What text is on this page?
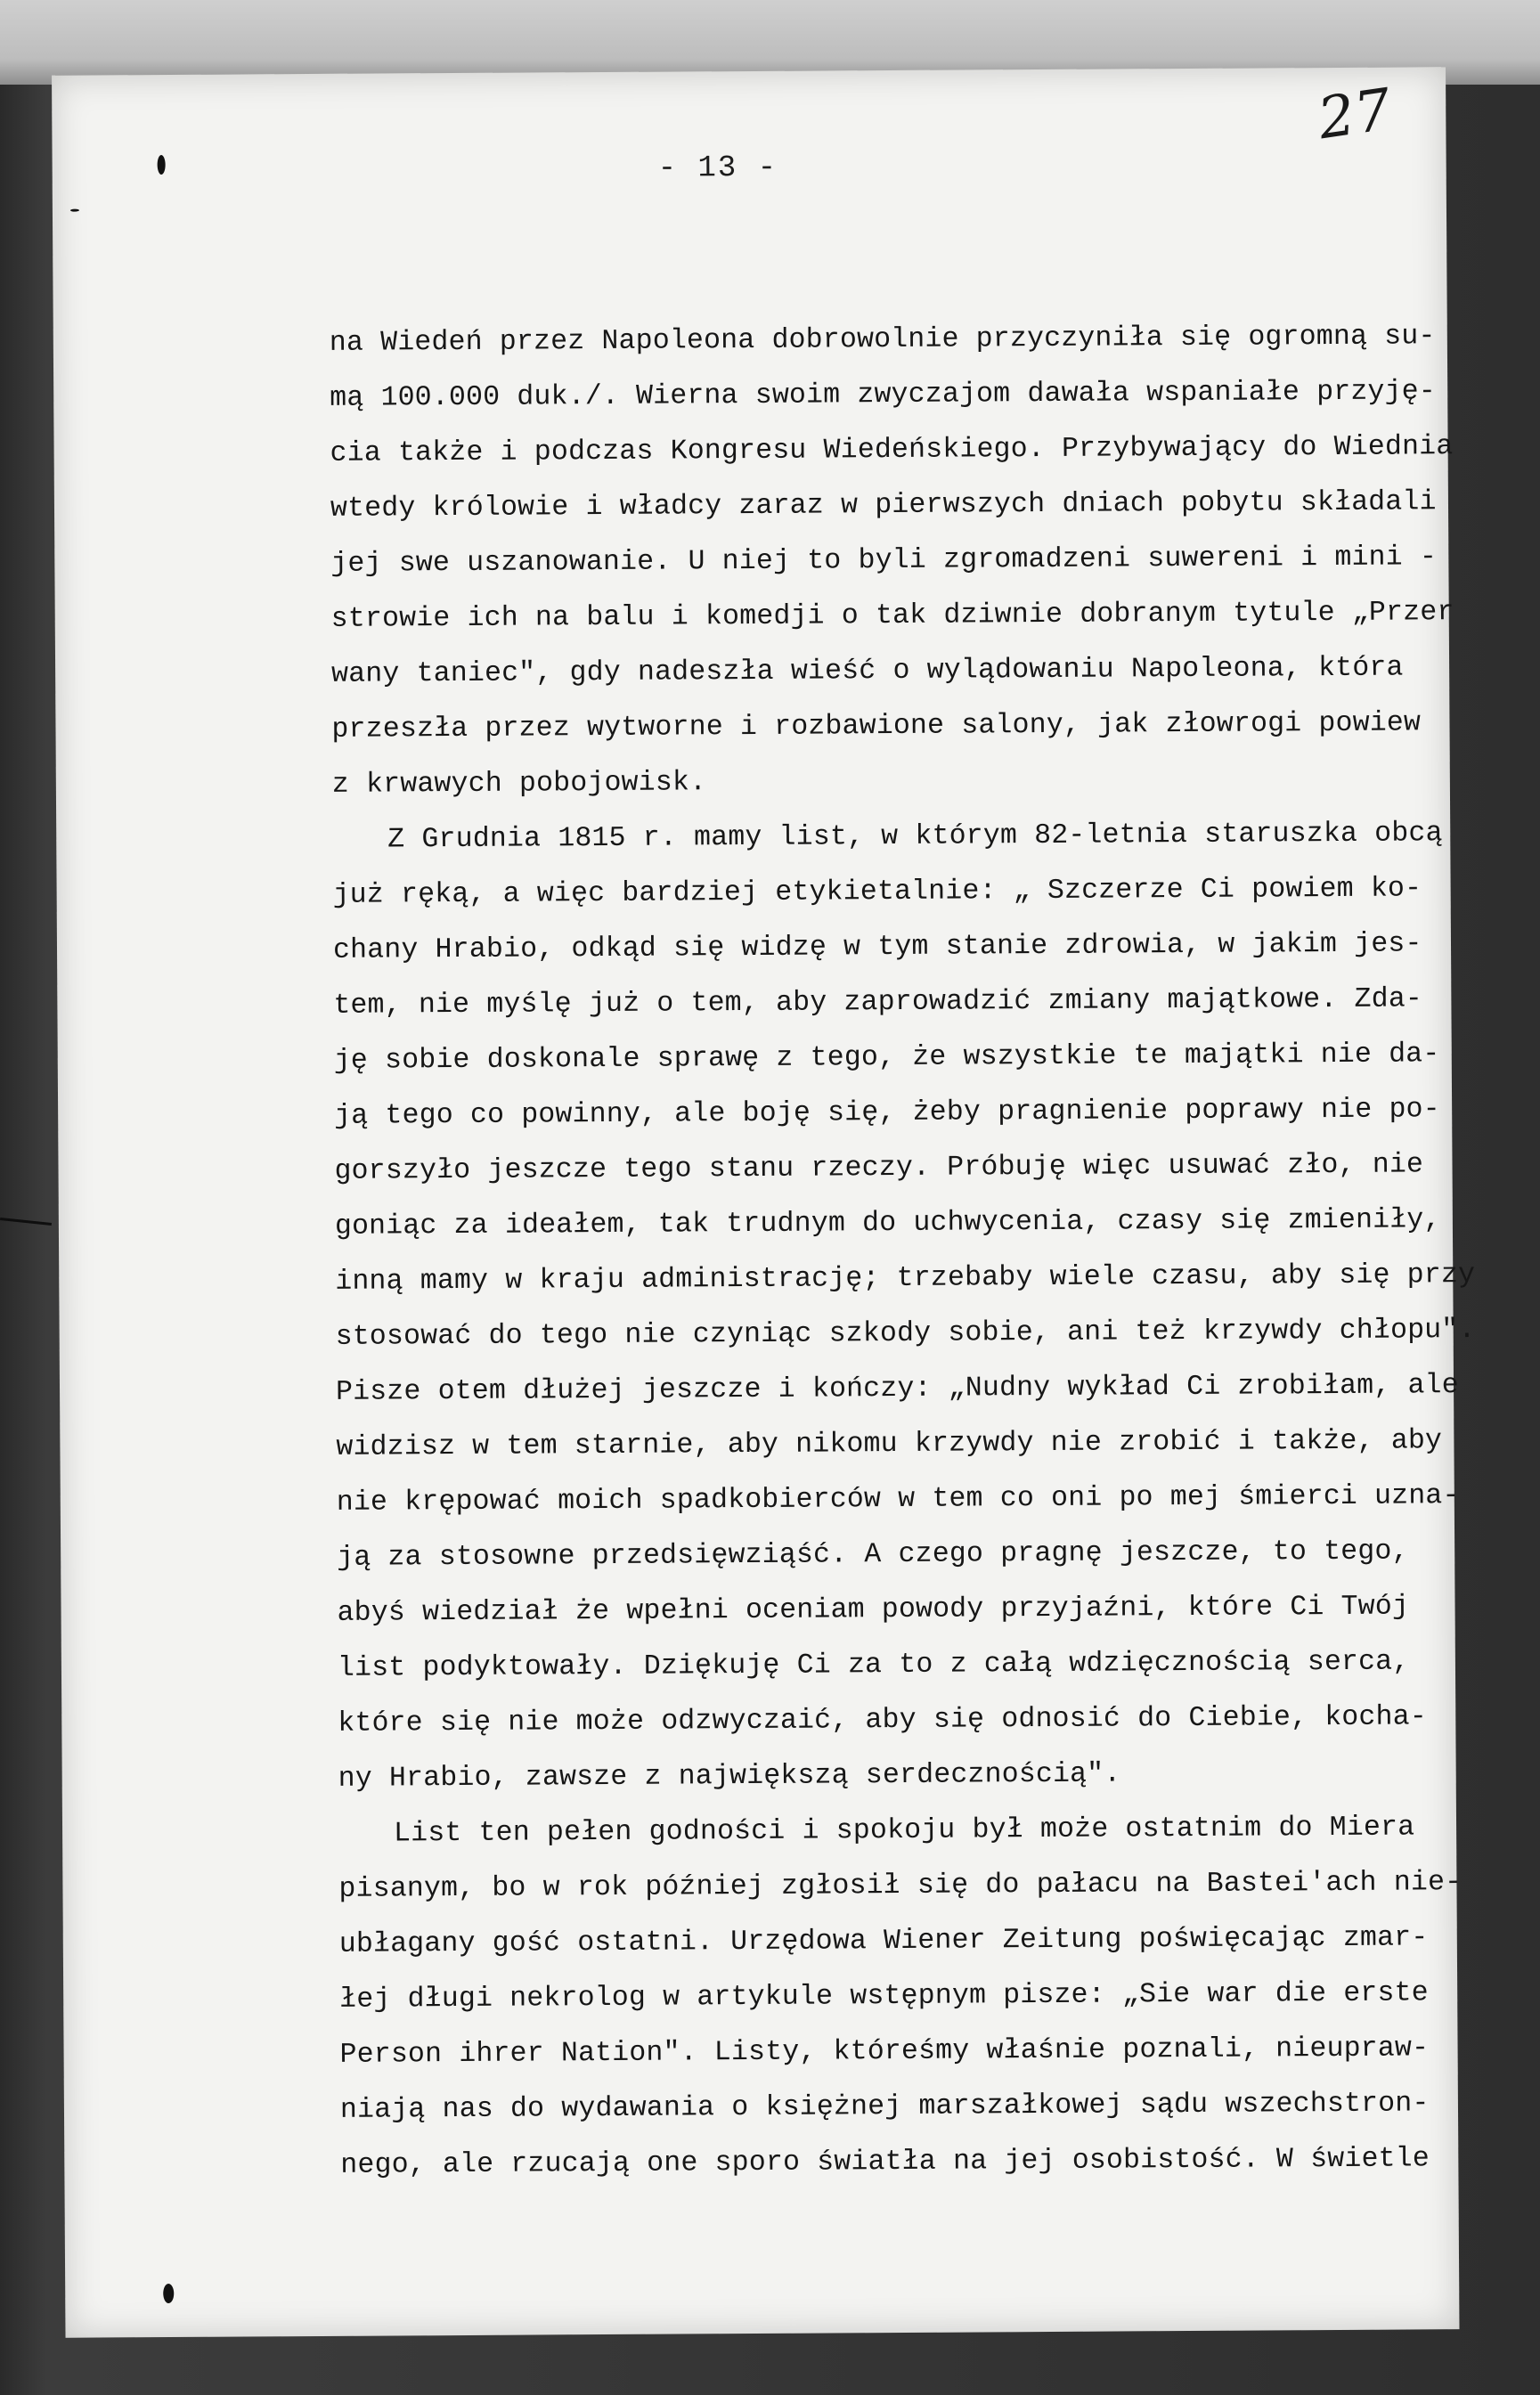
27
- 13 -
na Wiedeń przez Napoleona dobrowolnie przyczyniła się ogromną su-
mą 100.000 duk./. Wierna swoim zwyczajom dawała wspaniałe przyję-
cia także i podczas Kongresu Wiedeńskiego. Przybywający do Wiednia
wtedy królowie i władcy zaraz w pierwszych dniach pobytu składali
jej swe uszanowanie. U niej to byli zgromadzeni suwereni i mini -
strowie ich na balu i komedji o tak dziwnie dobranym tytule „Przer
wany taniec", gdy nadeszła wieść o wylądowaniu Napoleona, która
przeszła przez wytworne i rozbawione salony, jak złowrogi powiew
z krwawych pobojowisk.
Z Grudnia 1815 r. mamy list, w którym 82-letnia staruszka obcą
już ręką, a więc bardziej etykietalnie: „ Szczerze Ci powiem ko-
chany Hrabio, odkąd się widzę w tym stanie zdrowia, w jakim jes-
tem, nie myślę już o tem, aby zaprowadzić zmiany majątkowe. Zda-
ję sobie doskonale sprawę z tego, że wszystkie te majątki nie da-
ją tego co powinny, ale boję się, żeby pragnienie poprawy nie po-
gorszyło jeszcze tego stanu rzeczy. Próbuję więc usuwać zło, nie
goniąc za ideałem, tak trudnym do uchwycenia, czasy się zmieniły,
inną mamy w kraju administrację; trzebaby wiele czasu, aby się przy
stosować do tego nie czyniąc szkody sobie, ani też krzywdy chłopu".
Pisze otem dłużej jeszcze i kończy: „Nudny wykład Ci zrobiłam, ale
widzisz w tem starnie, aby nikomu krzywdy nie zrobić i także, aby
nie krępować moich spadkobierców w tem co oni po mej śmierci uzna-
ją za stosowne przedsięwziąść. A czego pragnę jeszcze, to tego,
abyś wiedział że wpełni oceniam powody przyjaźni, które Ci Twój
list podyktowały. Dziękuję Ci za to z całą wdzięcznością serca,
które się nie może odzwyczaić, aby się odnosić do Ciebie, kocha-
ny Hrabio, zawsze z największą serdecznością".
List ten pełen godności i spokoju był może ostatnim do Miera
pisanym, bo w rok później zgłosił się do pałacu na Bastei'ach nie-
ubłagany gość ostatni. Urzędowa Wiener Zeitung poświęcając zmar-
łej długi nekrolog w artykule wstępnym pisze: „Sie war die erste
Person ihrer Nation". Listy, któreśmy właśnie poznali, nieupraw-
niają nas do wydawania o księżnej marszałkowej sądu wszechstron-
nego, ale rzucają one sporo światła na jej osobistość. W świetle
